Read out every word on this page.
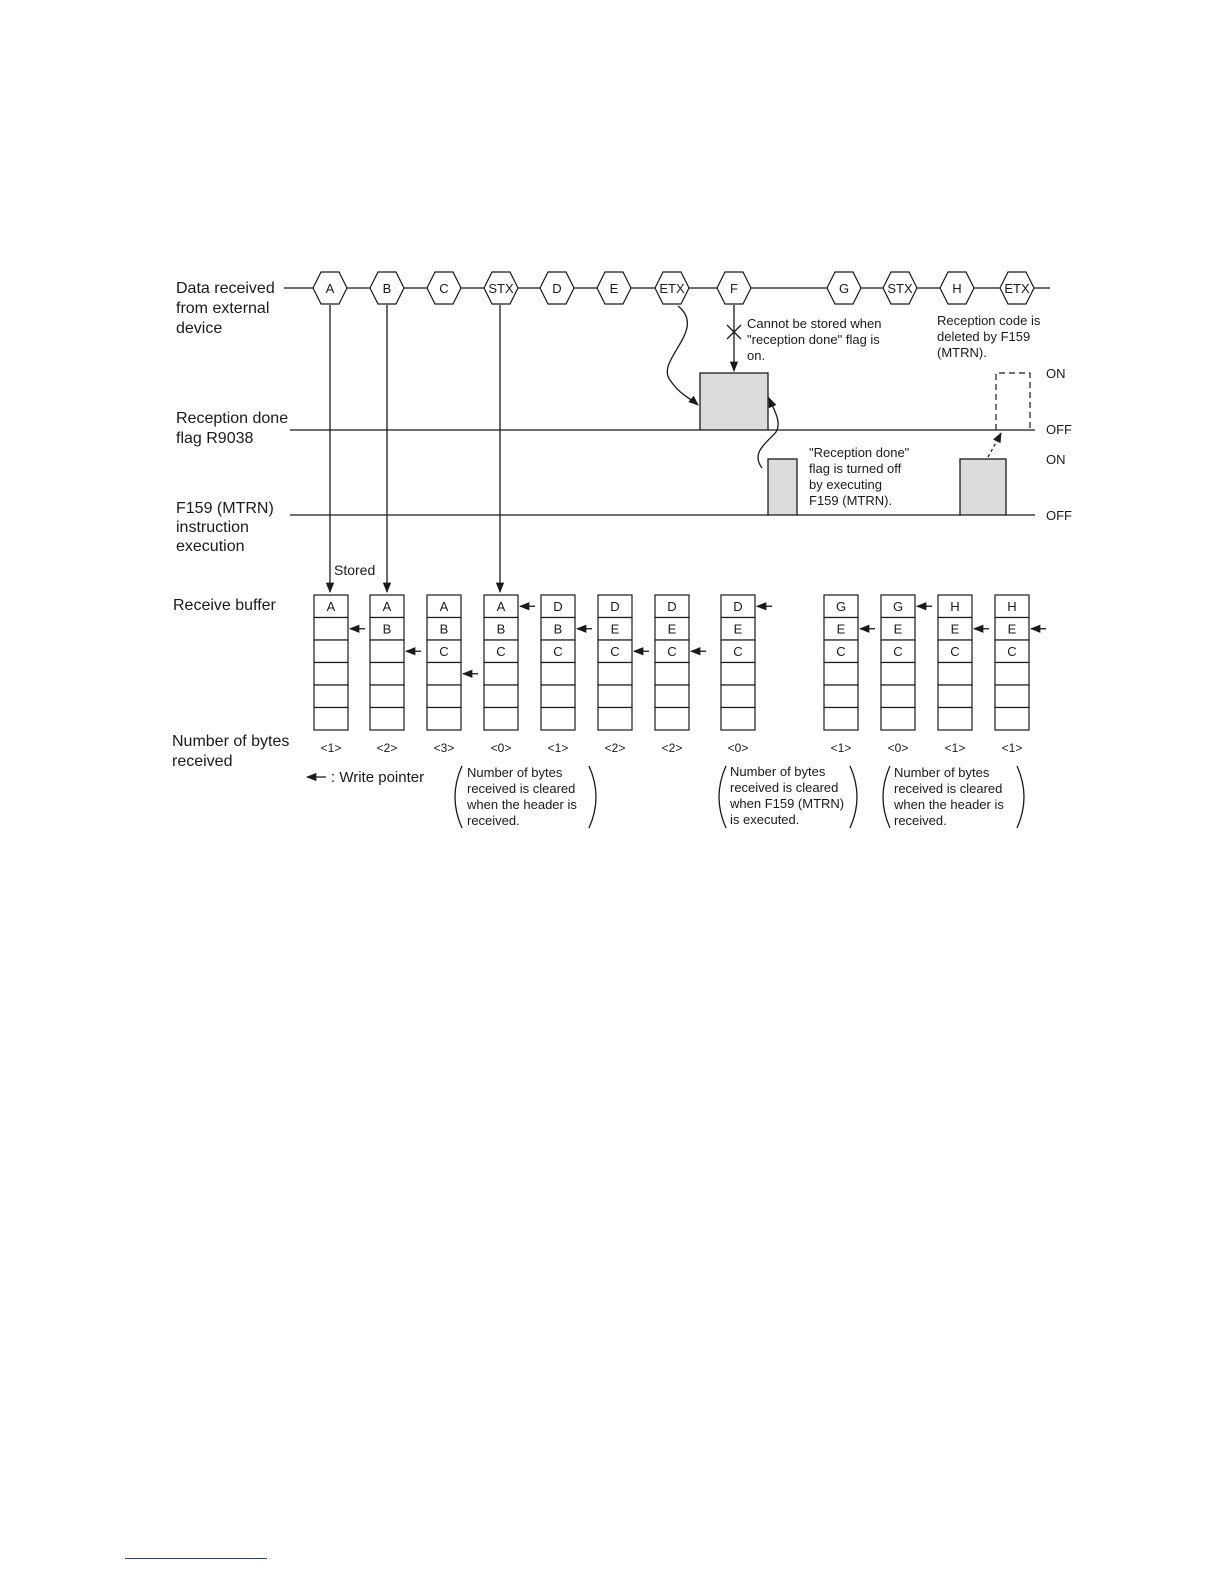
Data received
from external
device
Reception done
flag R9038
F159 (MTRN)
instruction
execution
Receive buffer
Number of bytes
received
A	B	C	STX	D	E	ETX	F	G	STX	H	ETX
Stored
ON
OFF
ON
OFF
Cannot be stored when
"reception done" flag is
on.
Reception code is
deleted by F159
(MTRN).
"Reception done"
flag is turned off
by executing
F159 (MTRN).
A
<1>
A
B
<2>
A
B
C
<3>
A
B
C
<0>
D
B
C
<1>
D
E
C
<2>
D
E
C
<2>
D
E
C
<0>
G
E
C
<1>
G
E
C
<0>
H
E
C
<1>
H
E
C
<1>
: Write pointer	Number of bytes
received is cleared
when the header is
received.
Number of bytes
received is cleared
when F159 (MTRN)
is executed.
Number of bytes
received is cleared
when the header is
received.
